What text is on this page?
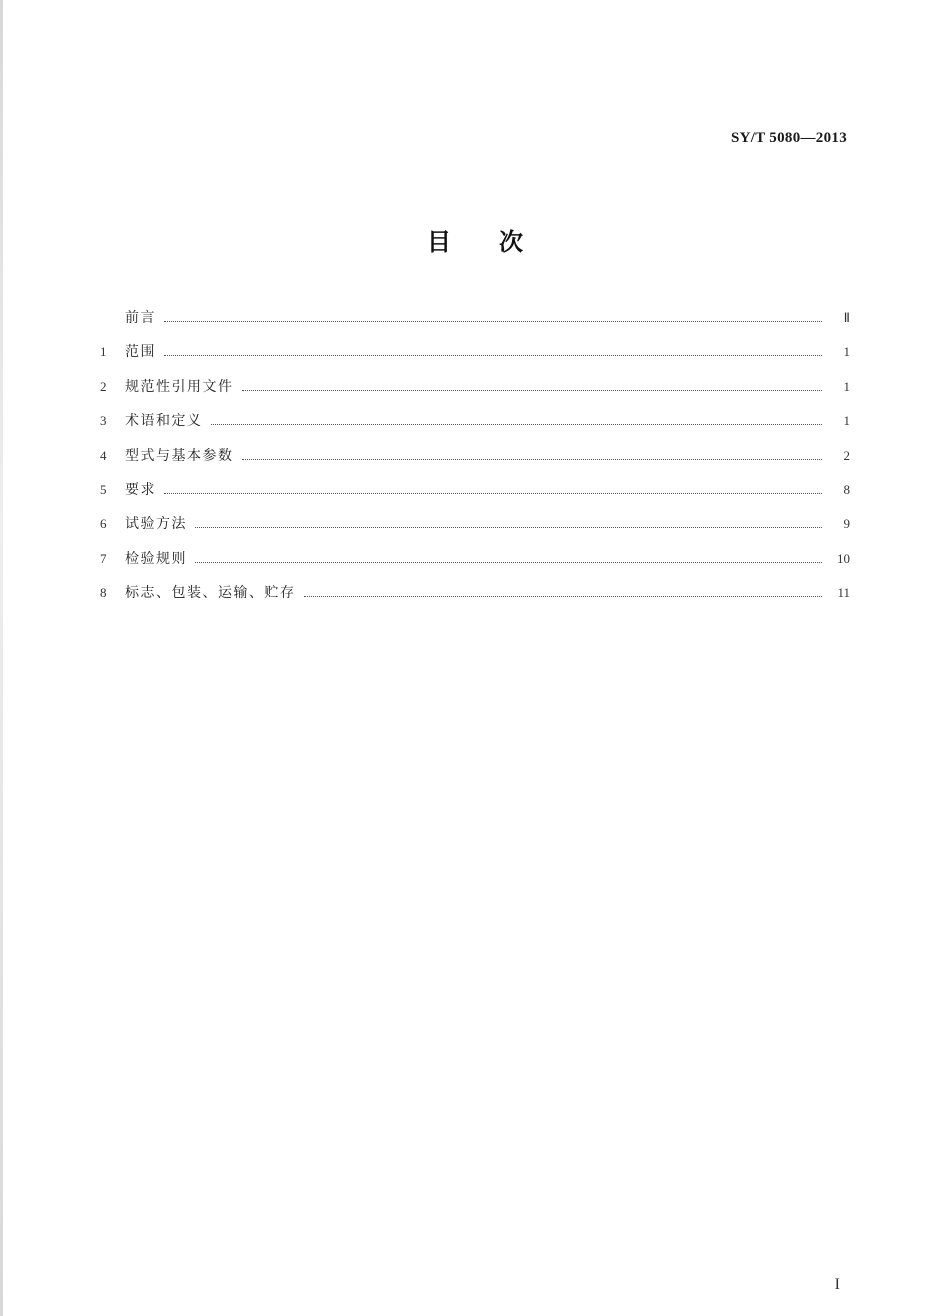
SY/T 5080—2013
目次
前言	Ⅱ
1	范围	1
2	规范性引用文件	1
3	术语和定义	1
4	型式与基本参数	2
5	要求	8
6	试验方法	9
7	检验规则	10
8	标志、包装、运输、贮存	11
I
